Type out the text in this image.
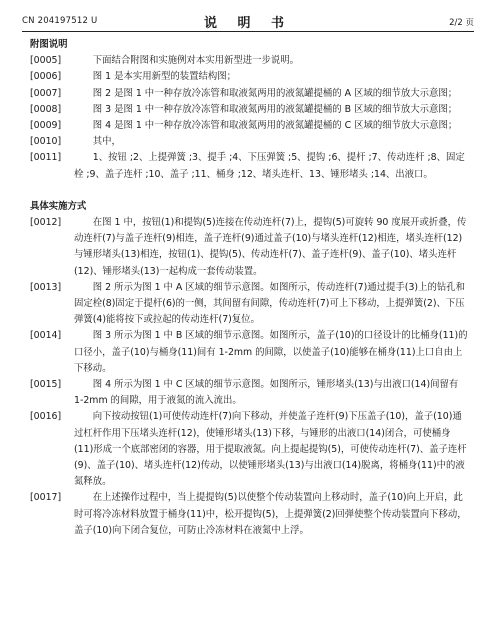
CN 204197512 U	说 明 书	2/2 页

附图说明

[0005]	下面结合附图和实施例对本实用新型进一步说明。
[0006]	图 1 是本实用新型的装置结构图；
[0007]	图 2 是图 1 中一种存放冷冻管和取液氮两用的液氮罐提桶的 A 区域的细节放大示意图；
[0008]	图 3 是图 1 中一种存放冷冻管和取液氮两用的液氮罐提桶的 B 区域的细节放大示意图；
[0009]	图 4 是图 1 中一种存放冷冻管和取液氮两用的液氮罐提桶的 C 区域的细节放大示意图；
[0010]	其中，
[0011]	1、按钮 ;2、上提弹簧 ;3、提手 ;4、下压弹簧 ;5、提钩 ;6、提杆 ;7、传动连杆 ;8、固定栓 ;9、盖子连杆 ;10、盖子 ;11、桶身 ;12、堵头连杆、13、锤形堵头 ;14、出液口。

具体实施方式

[0012]	在图 1 中，按钮(1)和提钩(5)连接在传动连杆(7)上，提钩(5)可旋转 90 度展开或折叠，传动连杆(7)与盖子连杆(9)相连，盖子连杆(9)通过盖子(10)与堵头连杆(12)相连，堵头连杆(12)与锤形堵头(13)相连，按钮(1)、提钩(5)、传动连杆(7)、盖子连杆(9)、盖子(10)、堵头连杆(12)、锤形堵头(13)一起构成一套传动装置。
[0013]	图 2 所示为图 1 中 A 区域的细节示意图。如图所示，传动连杆(7)通过提手(3)上的钻孔和固定栓(8)固定于提杆(6)的一侧，其间留有间隙，传动连杆(7)可上下移动，上提弹簧(2)、下压弹簧(4)能将按下或拉起的传动连杆(7)复位。
[0014]	图 3 所示为图 1 中 B 区域的细节示意图。如图所示，盖子(10)的口径设计的比桶身(11)的口径小，盖子(10)与桶身(11)间有 1-2mm 的间隙，以使盖子(10)能够在桶身(11)上口自由上下移动。
[0015]	图 4 所示为图 1 中 C 区域的细节示意图。如图所示，锤形堵头(13)与出液口(14)间留有 1-2mm 的间隙，用于液氮的流入流出。
[0016]	向下按动按钮(1)可使传动连杆(7)向下移动，并使盖子连杆(9)下压盖子(10)，盖子(10)通过杠杆作用下压堵头连杆(12)，使锤形堵头(13)下移，与锤形的出液口(14)闭合，可使桶身(11)形成一个底部密闭的容器，用于提取液氮。向上提起提钩(5)，可使传动连杆(7)、盖子连杆(9)、盖子(10)、堵头连杆(12)传动，以使锤形堵头(13)与出液口(14)脱离，将桶身(11)中的液氮释放。
[0017]	在上述操作过程中，当上提提钩(5)以使整个传动装置向上移动时，盖子(10)向上开启，此时可将冷冻材料放置于桶身(11)中，松开提钩(5)，上提弹簧(2)回弹使整个传动装置向下移动，盖子(10)向下闭合复位，可防止冷冻材料在液氮中上浮。
